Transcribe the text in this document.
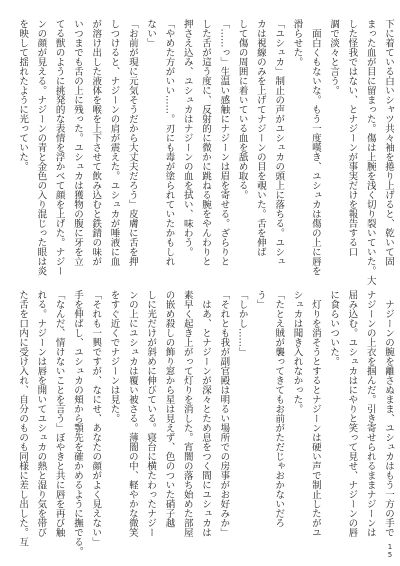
下に着ている白いシャツ共々袖を捲り上げると、乾いて固
まった血が目に留まった。傷は上腕を浅く切り裂いていた。大
した怪我ではない、とナジーンが事実だけを報告する口
調で淡々と言う。
　面白くもないな。もう一度嘆き、ユシュカは傷の上に唇を
滑らせた。
「ユシュカ」制止の声がユシュカの頭上に落ちる。ユシュ
カは視線のみを上げてナジーンの目を覗いた。舌を伸ば
して傷の周囲に着いている血を舐め取る。
「……っ」生温い感触にナジーンは眉を寄せる。ざらりと
した舌が這う度に、反射的に微かに跳ねる腕をやんわりと
押さえ込み、ユシュカはナジーンの血を拭い、味わう。
「やめた方がいい……。刃にも毒が塗られていたかもしれ
ない」
「お前が現に元気そうだから大丈夫だろう」皮膚に舌を押
しつけると、ナジーンの肩が震えた。ユシュカが唾液に血
が溶け出した液体を喉を上下させて飲み込むと鉄錆の味が
いつまでも舌の上に残った。ユシュカは獲物の腹に牙を立
てる獣のように挑発的な表情を浮かべて顔を上げた。ナジー
ンの顔が見える。ナジーンの青と金色の入り混じった眼は炎
を映して揺れたように光っていた。
　ナジーンの腕を離さぬまま、ユシュカはもう一方の手で
ナジーンの上衣を掴んだ。引き寄せられるままナジーンは
屈み込む。ユシュカはにやりと笑って見せ、ナジーンの唇
に食らいついた。
　灯りを消そうとするとナジーンは硬い声で制止したがユ
シュカは聞き入れなかった。
「たとえ賊が襲ってきてもお前がただじゃおかないだろ
う」
「しかし……」
「それとも我が副官殿は明るい場所での房事がお好みか」
　はあ、とナジーンが深々とため息をつく間にユシュカは
素早く起き上がって灯りを消した。宵闇の落ち始めた部屋
の嵌め殺しの飾り窓から星は見えず、色のついた硝子越
しに光だけが斜めに伸びている。寝台に横たわったナジー
ンの上にユシュカは覆い被さる。薄闇の中、軽やかな微笑
をすぐ近くでナジーンは見た。
「それも一興ですが、なにせ、あなたの顔がよく見えない」
手を伸ばし、ユシュカの頬から顎先を確かめるように撫でる。
「なんだ、情けないことを言う」ぼやきと共に唇を再び触
れる。ナジーンは唇を開いてユシュカの熱と湿り気を帯び
た舌を口内に受け入れ、自分のものも同様に差し出した。互
15
